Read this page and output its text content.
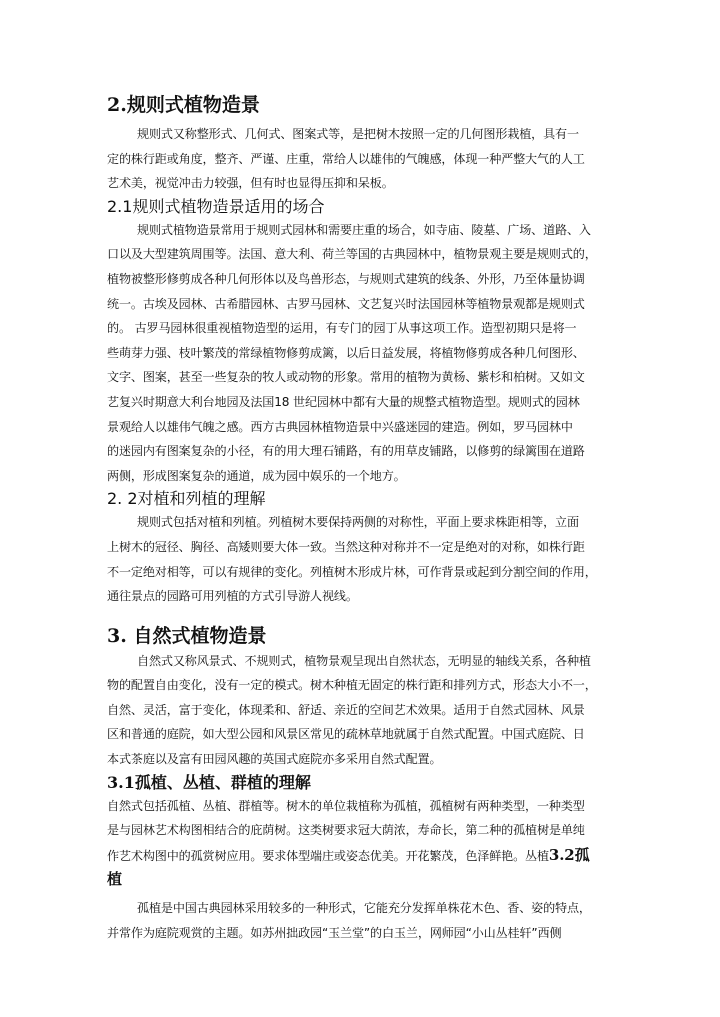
2.规则式植物造景
规则式又称整形式、几何式、图案式等，是把树木按照一定的几何图形栽植，具有一
定的株行距或角度，整齐、严谨、庄重，常给人以雄伟的气魄感，体现一种严整大气的人工
艺术美，视觉冲击力较强，但有时也显得压抑和呆板。
2.1规则式植物造景适用的场合
规则式植物造景常用于规则式园林和需要庄重的场合，如寺庙、陵墓、广场、道路、入
口以及大型建筑周围等。法国、意大利、荷兰等国的古典园林中，植物景观主要是规则式的，
植物被整形修剪成各种几何形体以及鸟兽形态，与规则式建筑的线条、外形，乃至体量协调
统一。古埃及园林、古希腊园林、古罗马园林、文艺复兴时法国园林等植物景观都是规则式
的。 古罗马园林很重视植物造型的运用，有专门的园丁从事这项工作。造型初期只是将一
些萌芽力强、枝叶繁茂的常绿植物修剪成篱，以后日益发展，将植物修剪成各种几何图形、
文字、图案，甚至一些复杂的牧人或动物的形象。常用的植物为黄杨、紫杉和柏树。又如文
艺复兴时期意大利台地园及法国18 世纪园林中都有大量的规整式植物造型。规则式的园林
景观给人以雄伟气魄之感。西方古典园林植物造景中兴盛迷园的建造。例如，罗马园林中
的迷园内有图案复杂的小径，有的用大理石铺路，有的用草皮铺路，以修剪的绿篱围在道路
两侧，形成图案复杂的通道，成为园中娱乐的一个地方。
2. 2对植和列植的理解
规则式包括对植和列植。列植树木要保持两侧的对称性，平面上要求株距相等，立面
上树木的冠径、胸径、高矮则要大体一致。当然这种对称并不一定是绝对的对称，如株行距
不一定绝对相等，可以有规律的变化。列植树木形成片林，可作背景或起到分割空间的作用，
通往景点的园路可用列植的方式引导游人视线。
3. 自然式植物造景
自然式又称风景式、不规则式，植物景观呈现出自然状态，无明显的轴线关系，各种植
物的配置自由变化，没有一定的模式。树木种植无固定的株行距和排列方式，形态大小不一，
自然、灵活，富于变化，体现柔和、舒适、亲近的空间艺术效果。适用于自然式园林、风景
区和普通的庭院，如大型公园和风景区常见的疏林草地就属于自然式配置。中国式庭院、日
本式茶庭以及富有田园风趣的英国式庭院亦多采用自然式配置。
3.1孤植、丛植、群植的理解
自然式包括孤植、丛植、群植等。树木的单位栽植称为孤植，孤植树有两种类型，一种类型
是与园林艺术构图相结合的庇荫树。这类树要求冠大荫浓，寿命长，第二种的孤植树是单纯
作艺术构图中的孤赏树应用。要求体型端庄或姿态优美。开花繁茂，色泽鲜艳。丛植3.2孤
植
孤植是中国古典园林采用较多的一种形式，它能充分发挥单株花木色、香、姿的特点，
并常作为庭院观赏的主题。如苏州拙政园“玉兰堂”的白玉兰，网师园“小山丛桂轩”西侧
